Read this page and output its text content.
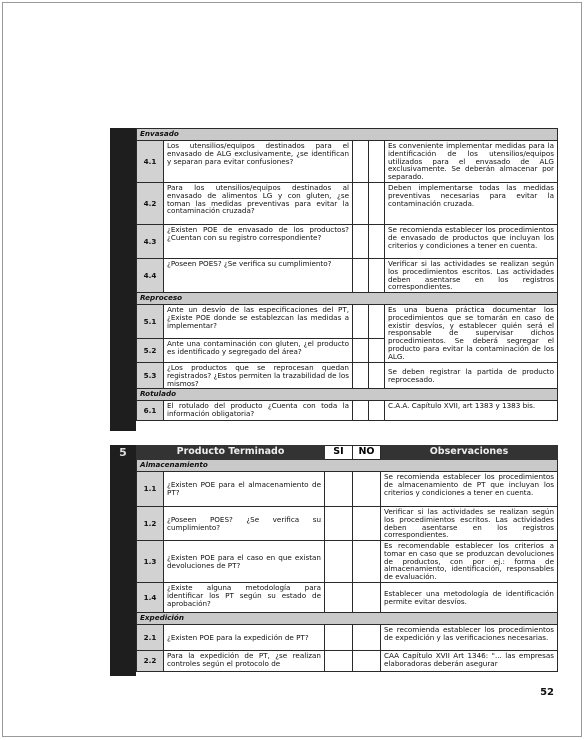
Envasado				
4.1	Los utensilios/equipos destinados para el envasado de ALG exclusivamente, ¿se identifican y separan para evitar confusiones?			Es conveniente implementar medidas para la identificación de los utensilios/equipos utilizados para el envasado de ALG exclusivamente. Se deberán almacenar por separado.
4.2	Para los utensilios/equipos destinados al envasado de alimentos LG y con gluten, ¿se toman las medidas preventivas para evitar la contaminación cruzada?			Deben implementarse todas las medidas preventivas necesarias para evitar la contaminación cruzada.
4.3	¿Existen POE de envasado de los productos? ¿Cuentan con su registro correspondiente?			Se recomienda establecer los procedimientos de envasado de productos que incluyan los criterios y condiciones a tener en cuenta.
4.4	¿Poseen POES? ¿Se verifica su cumplimiento?			Verificar si las actividades se realizan según los procedimientos escritos. Las actividades deben asentarse en los registros correspondientes.
Reproceso				
5.1	Ante un desvío de las especificaciones del PT, ¿Existe POE donde se establezcan las medidas a implementar?			Es una buena práctica documentar los procedimientos que se tomarán en caso de existir desvíos, y establecer quién será el responsable de supervisar dichos procedimientos. Se deberá segregar el producto para evitar la contaminación de los ALG.
5.2	Ante una contaminación con gluten, ¿el producto es identificado y segregado del área?			
5.3	¿Los productos que se reprocesan quedan registrados? ¿Estos permiten la trazabilidad de los mismos?			Se deben registrar la partida de producto reprocesado.
Rotulado				
6.1	El rotulado del producto ¿Cuenta con toda la información obligatoria?			C.A.A. Capítulo XVII, art 1383 y 1383 bis.
5	Producto Terminado		SI	NO	Observaciones
Almacenamiento				
1.1	¿Existen POE para el almacenamiento de PT?			Se recomienda establecer los procedimientos de almacenamiento de PT que incluyan los criterios y condiciones a tener en cuenta.
1.2	¿Poseen POES? ¿Se verifica su cumplimiento?			Verificar si las actividades se realizan según los procedimientos escritos. Las actividades deben asentarse en los registros correspondientes.
1.3	¿Existen POE para el caso en que existan devoluciones de PT?			Es recomendable establecer los criterios a tomar en caso que se produzcan devoluciones de productos, con por ej.: forma de almacenamiento, identificación, responsables de evaluación.
1.4	¿Existe alguna metodología para identificar los PT según su estado de aprobación?			Establecer una metodología de identificación permite evitar desvíos.
Expedición				
2.1	¿Existen POE para la expedición de PT?			Se recomienda establecer los procedimientos de expedición y las verificaciones necesarias.
2.2	Para la expedición de PT, ¿se realizan controles según el protocolo de			CAA Capítulo XVII Art 1346: "... las empresas elaboradoras deberán asegurar
52
